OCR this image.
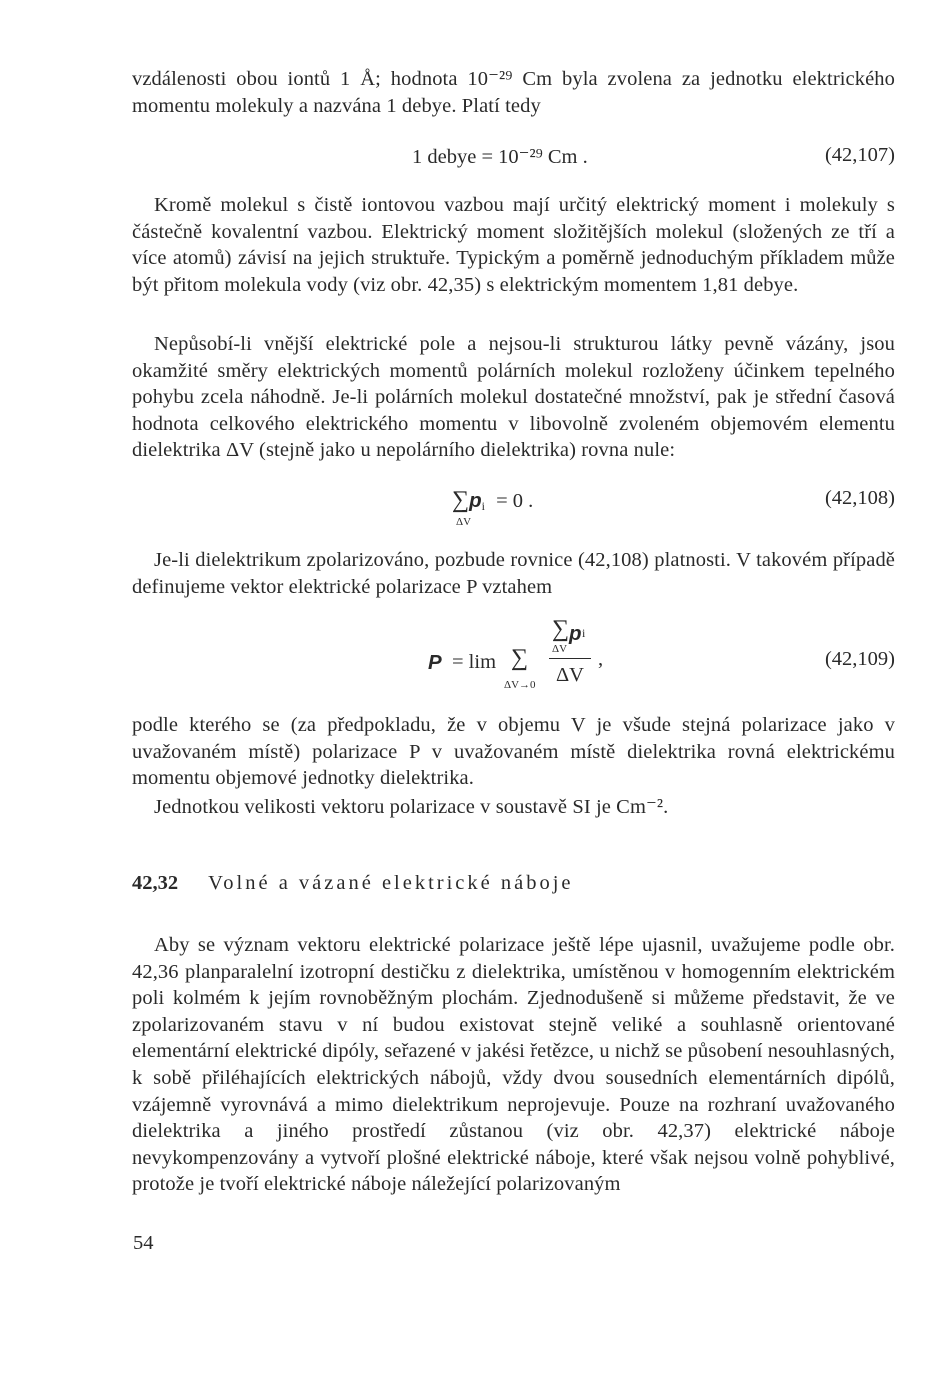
vzdálenosti obou iontů 1 Å; hodnota 10⁻²⁹ Cm byla zvolena za jednotku elektrického momentu molekuly a nazvána 1 debye. Platí tedy

1 debye = 10⁻²⁹ Cm .	(42,107)

Kromě molekul s čistě iontovou vazbou mají určitý elektrický moment i molekuly s částečně kovalentní vazbou. Elektrický moment složitějších molekul (složených ze tří a více atomů) závisí na jejich struktuře. Typickým a poměrně jednoduchým příkladem může být přitom molekula vody (viz obr. 42,35) s elektrickým momentem 1,81 debye.

Nepůsobí-li vnější elektrické pole a nejsou-li strukturou látky pevně vázány, jsou okamžité směry elektrických momentů polárních molekul rozloženy účinkem tepelného pohybu zcela náhodně. Je-li polárních molekul dostatečné množství, pak je střední časová hodnota celkového elektrického momentu v libovolně zvoleném objemovém elementu dielektrika ΔV (stejně jako u nepolárního dielektrika) rovna nule:

$\sum p_i = 0$ .
ΔV
(42,108)

Je-li dielektrikum zpolarizováno, pozbude rovnice (42,108) platnosti. V takovém případě definujeme vektor elektrické polarizace P vztahem

P = lim
ΔV→0
∑
∑ p i
ΔV
ΔV
,	(42,109)

podle kterého se (za předpokladu, že v objemu V je všude stejná polarizace jako v uvažovaném místě) polarizace P v uvažovaném místě dielektrika rovná elektrickému momentu objemové jednotky dielektrika.

Jednotkou velikosti vektoru polarizace v soustavě SI je Cm⁻².

42,32 Volné a vázané elektrické náboje

Aby se význam vektoru elektrické polarizace ještě lépe ujasnil, uvažujeme podle obr. 42,36 planparalelní izotropní destičku z dielektrika, umístěnou v homogenním elektrickém poli kolmém k jejím rovnoběžným plochám. Zjednodušeně si můžeme představit, že ve zpolarizovaném stavu v ní budou existovat stejně veliké a souhlasně orientované elementární elektrické dipóly, seřazené v jakési řetězce, u nichž se působení nesouhlasných, k sobě přiléhajících elektrických nábojů, vždy dvou sousedních elementárních dipólů, vzájemně vyrovnává a mimo dielektrikum neprojevuje. Pouze na rozhraní uvažovaného dielektrika a jiného prostředí zůstanou (viz obr. 42,37) elektrické náboje nevykompenzovány a vytvoří plošné elektrické náboje, které však nejsou volně pohyblivé, protože je tvoří elektrické náboje náležející polarizovaným

54
